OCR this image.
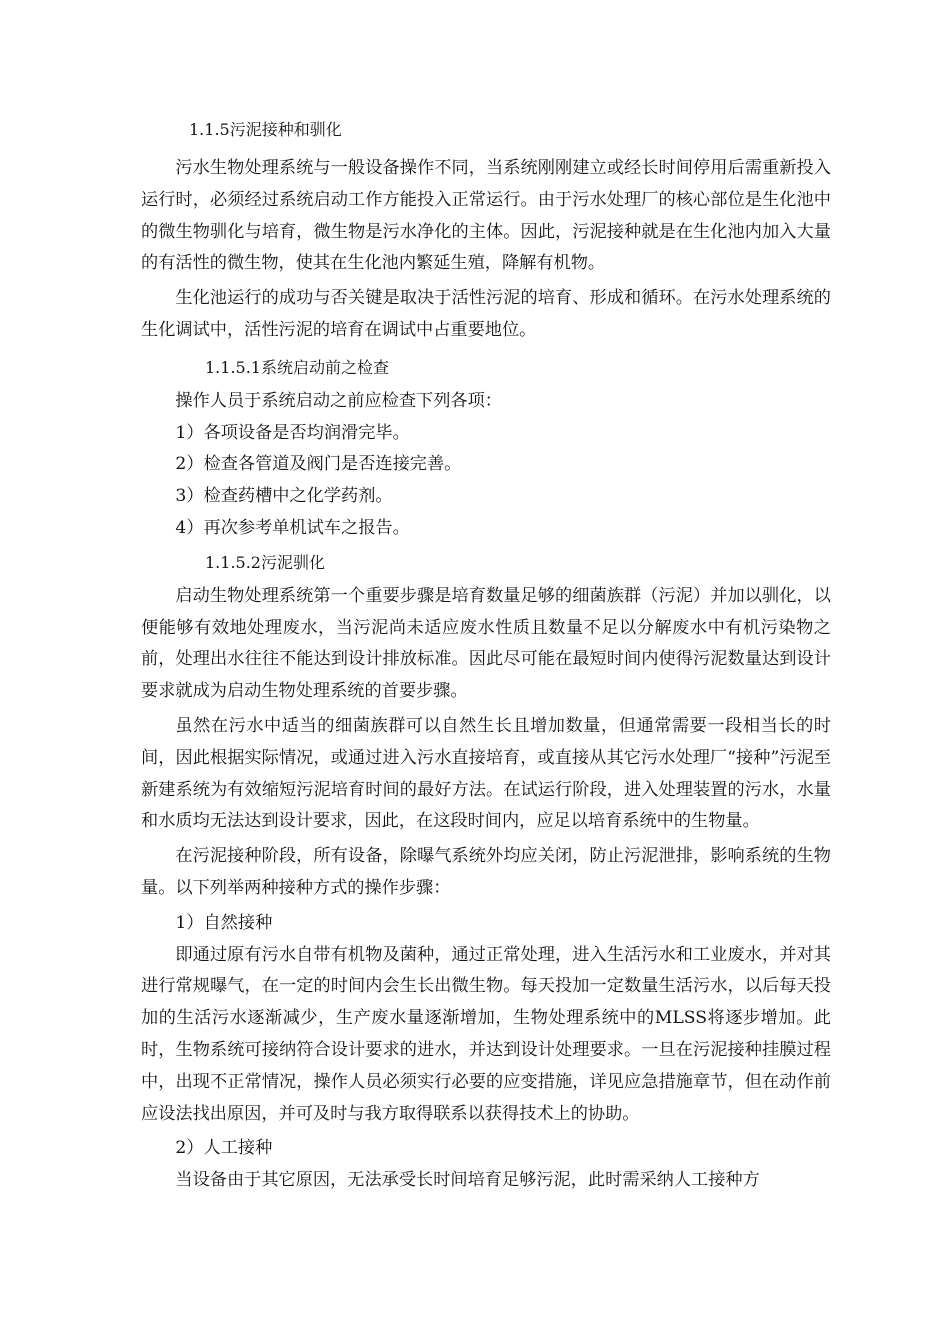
1.1.5污泥接种和驯化

污水生物处理系统与一般设备操作不同，当系统刚刚建立或经长时间停用后需重新投入运行时，必须经过系统启动工作方能投入正常运行。由于污水处理厂的核心部位是生化池中的微生物驯化与培育，微生物是污水净化的主体。因此，污泥接种就是在生化池内加入大量的有活性的微生物，使其在生化池内繁延生殖，降解有机物。

生化池运行的成功与否关键是取决于活性污泥的培育、形成和循环。在污水处理系统的生化调试中，活性污泥的培育在调试中占重要地位。

1.1.5.1系统启动前之检查
操作人员于系统启动之前应检查下列各项：
1）各项设备是否均润滑完毕。
2）检查各管道及阀门是否连接完善。
3）检查药槽中之化学药剂。
4）再次参考单机试车之报告。
1.1.5.2污泥驯化

启动生物处理系统第一个重要步骤是培育数量足够的细菌族群（污泥）并加以驯化，以便能够有效地处理废水，当污泥尚未适应废水性质且数量不足以分解废水中有机污染物之前，处理出水往往不能达到设计排放标准。因此尽可能在最短时间内使得污泥数量达到设计要求就成为启动生物处理系统的首要步骤。

虽然在污水中适当的细菌族群可以自然生长且增加数量，但通常需要一段相当长的时间，因此根据实际情况，或通过进入污水直接培育，或直接从其它污水处理厂“接种”污泥至新建系统为有效缩短污泥培育时间的最好方法。在试运行阶段，进入处理装置的污水，水量和水质均无法达到设计要求，因此，在这段时间内，应足以培育系统中的生物量。

在污泥接种阶段，所有设备，除曝气系统外均应关闭，防止污泥泄排，影响系统的生物量。以下列举两种接种方式的操作步骤：

1）自然接种

即通过原有污水自带有机物及菌种，通过正常处理，进入生活污水和工业废水，并对其进行常规曝气，在一定的时间内会生长出微生物。每天投加一定数量生活污水，以后每天投加的生活污水逐渐减少，生产废水量逐渐增加，生物处理系统中的MLSS将逐步增加。此时，生物系统可接纳符合设计要求的进水，并达到设计处理要求。一旦在污泥接种挂膜过程中，出现不正常情况，操作人员必须实行必要的应变措施，详见应急措施章节，但在动作前应设法找出原因，并可及时与我方取得联系以获得技术上的协助。

2）人工接种

当设备由于其它原因，无法承受长时间培育足够污泥，此时需采纳人工接种方
